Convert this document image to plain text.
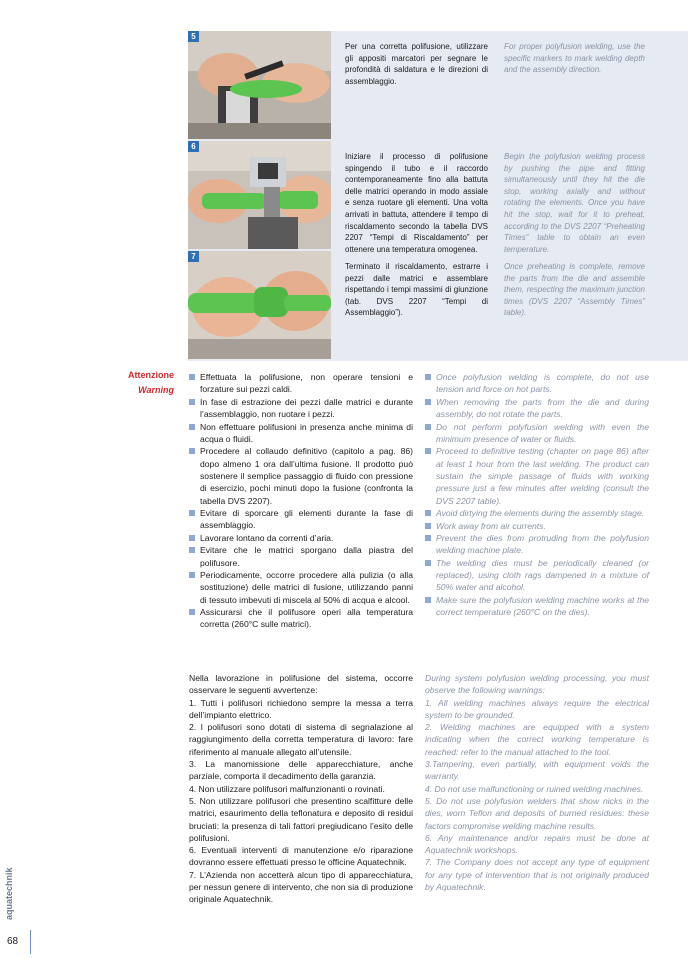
5
Per una corretta polifusione, utilizzare gli appositi marcatori per segnare le profondità di saldatura e le direzioni di assemblaggio.
For proper polyfusion welding, use the specific markers to mark welding depth and the assembly direction.
6
Iniziare il processo di polifusione spingendo il tubo e il raccordo contemporaneamente fino alla battuta delle matrici operando in modo assiale e senza ruotare gli elementi. Una volta arrivati in battuta, attendere il tempo di riscaldamento secondo la tabella DVS 2207 “Tempi di Riscaldamento” per ottenere una temperatura omogenea.
Begin the polyfusion welding process by pushing the pipe and fitting simultaneously until they hit the die stop, working axially and without rotating the elements. Once you have hit the stop, wait for it to preheat, according to the DVS 2207 “Preheating Times” table to obtain an even temperature.
7
Terminato il riscaldamento, estrarre i pezzi dalle matrici e assemblare rispettando i tempi massimi di giunzione (tab. DVS 2207 “Tempi di Assemblaggio”).
Once preheating is complete, remove the parts from the die and assemble them, respecting the maximum junction times (DVS 2207 “Assembly Times” table).
Attenzione
Warning
Effettuata la polifusione, non operare tensioni e forzature sui pezzi caldi.
In fase di estrazione dei pezzi dalle matrici e durante l’assemblaggio, non ruotare i pezzi.
Non effettuare polifusioni in presenza anche minima di acqua o fluidi.
Procedere al collaudo definitivo (capitolo a pag. 86) dopo almeno 1 ora dall’ultima fusione. Il prodotto può sostenere il semplice passaggio di fluido con pressione di esercizio, pochi minuti dopo la fusione (confronta la tabella DVS 2207).
Evitare di sporcare gli elementi durante la fase di assemblaggio.
Lavorare lontano da correnti d’aria.
Evitare che le matrici sporgano dalla piastra del polifusore.
Periodicamente, occorre procedere alla pulizia (o alla sostituzione) delle matrici di fusione, utilizzando panni di tessuto imbevuti di miscela al 50% di acqua e alcool.
Assicurarsi che il polifusore operi alla temperatura corretta (260°C sulle matrici).
Once polyfusion welding is complete, do not use tension and force on hot parts.
When removing the parts from the die and during assembly, do not rotate the parts.
Do not perform polyfusion welding with even the minimum presence of water or fluids.
Proceed to definitive testing (chapter on page 86) after at least 1 hour from the last welding. The product can sustain the simple passage of fluids with working pressure just a few minutes after welding (consult the DVS 2207 table).
Avoid dirtying the elements during the assembly stage.
Work away from air currents.
Prevent the dies from protruding from the polyfusion welding machine plate.
The welding dies must be periodically cleaned (or replaced), using cloth rags dampened in a mixture of 50% water and alcohol.
Make sure the polyfusion welding machine works at the correct temperature (260°C on the dies).

Nella lavorazione in polifusione del sistema, occorre osservare le seguenti avvertenze:

1. Tutti i polifusori richiedono sempre la messa a terra dell’impianto elettrico.

2. I polifusori sono dotati di sistema di segnalazione al raggiungimento della corretta temperatura di lavoro: fare riferimento al manuale allegato all’utensile.

3. La manomissione delle apparecchiature, anche parziale, comporta il decadimento della garanzia.

4. Non utilizzare polifusori malfunzionanti o rovinati.

5. Non utilizzare polifusori che presentino scalfitture delle matrici, esaurimento della teflonatura e deposito di residui bruciati: la presenza di tali fattori pregiudicano l’esito delle polifusioni.

6. Eventuali interventi di manutenzione e/o riparazione dovranno essere effettuati presso le officine Aquatechnik.

7. L’Azienda non accetterà alcun tipo di apparecchiatura, per nessun genere di intervento, che non sia di produzione originale Aquatechnik.

During system polyfusion welding processing, you must observe the following warnings:

1. All welding machines always require the electrical system to be grounded.

2. Welding machines are equipped with a system indicating when the correct working temperature is reached: refer to the manual attached to the tool.

3.Tampering, even partially, with equipment voids the warranty.

4. Do not use malfunctioning or ruined welding machines.

5. Do not use polyfusion welders that show nicks in the dies, worn Teflon and deposits of burned residues: these factors compromise welding machine results.

6. Any maintenance and/or repairs must be done at Aquatechnik workshops.

7. The Company does not accept any type of equipment for any type of intervention that is not originally produced by Aquatechnik.

aquatechnik
68
